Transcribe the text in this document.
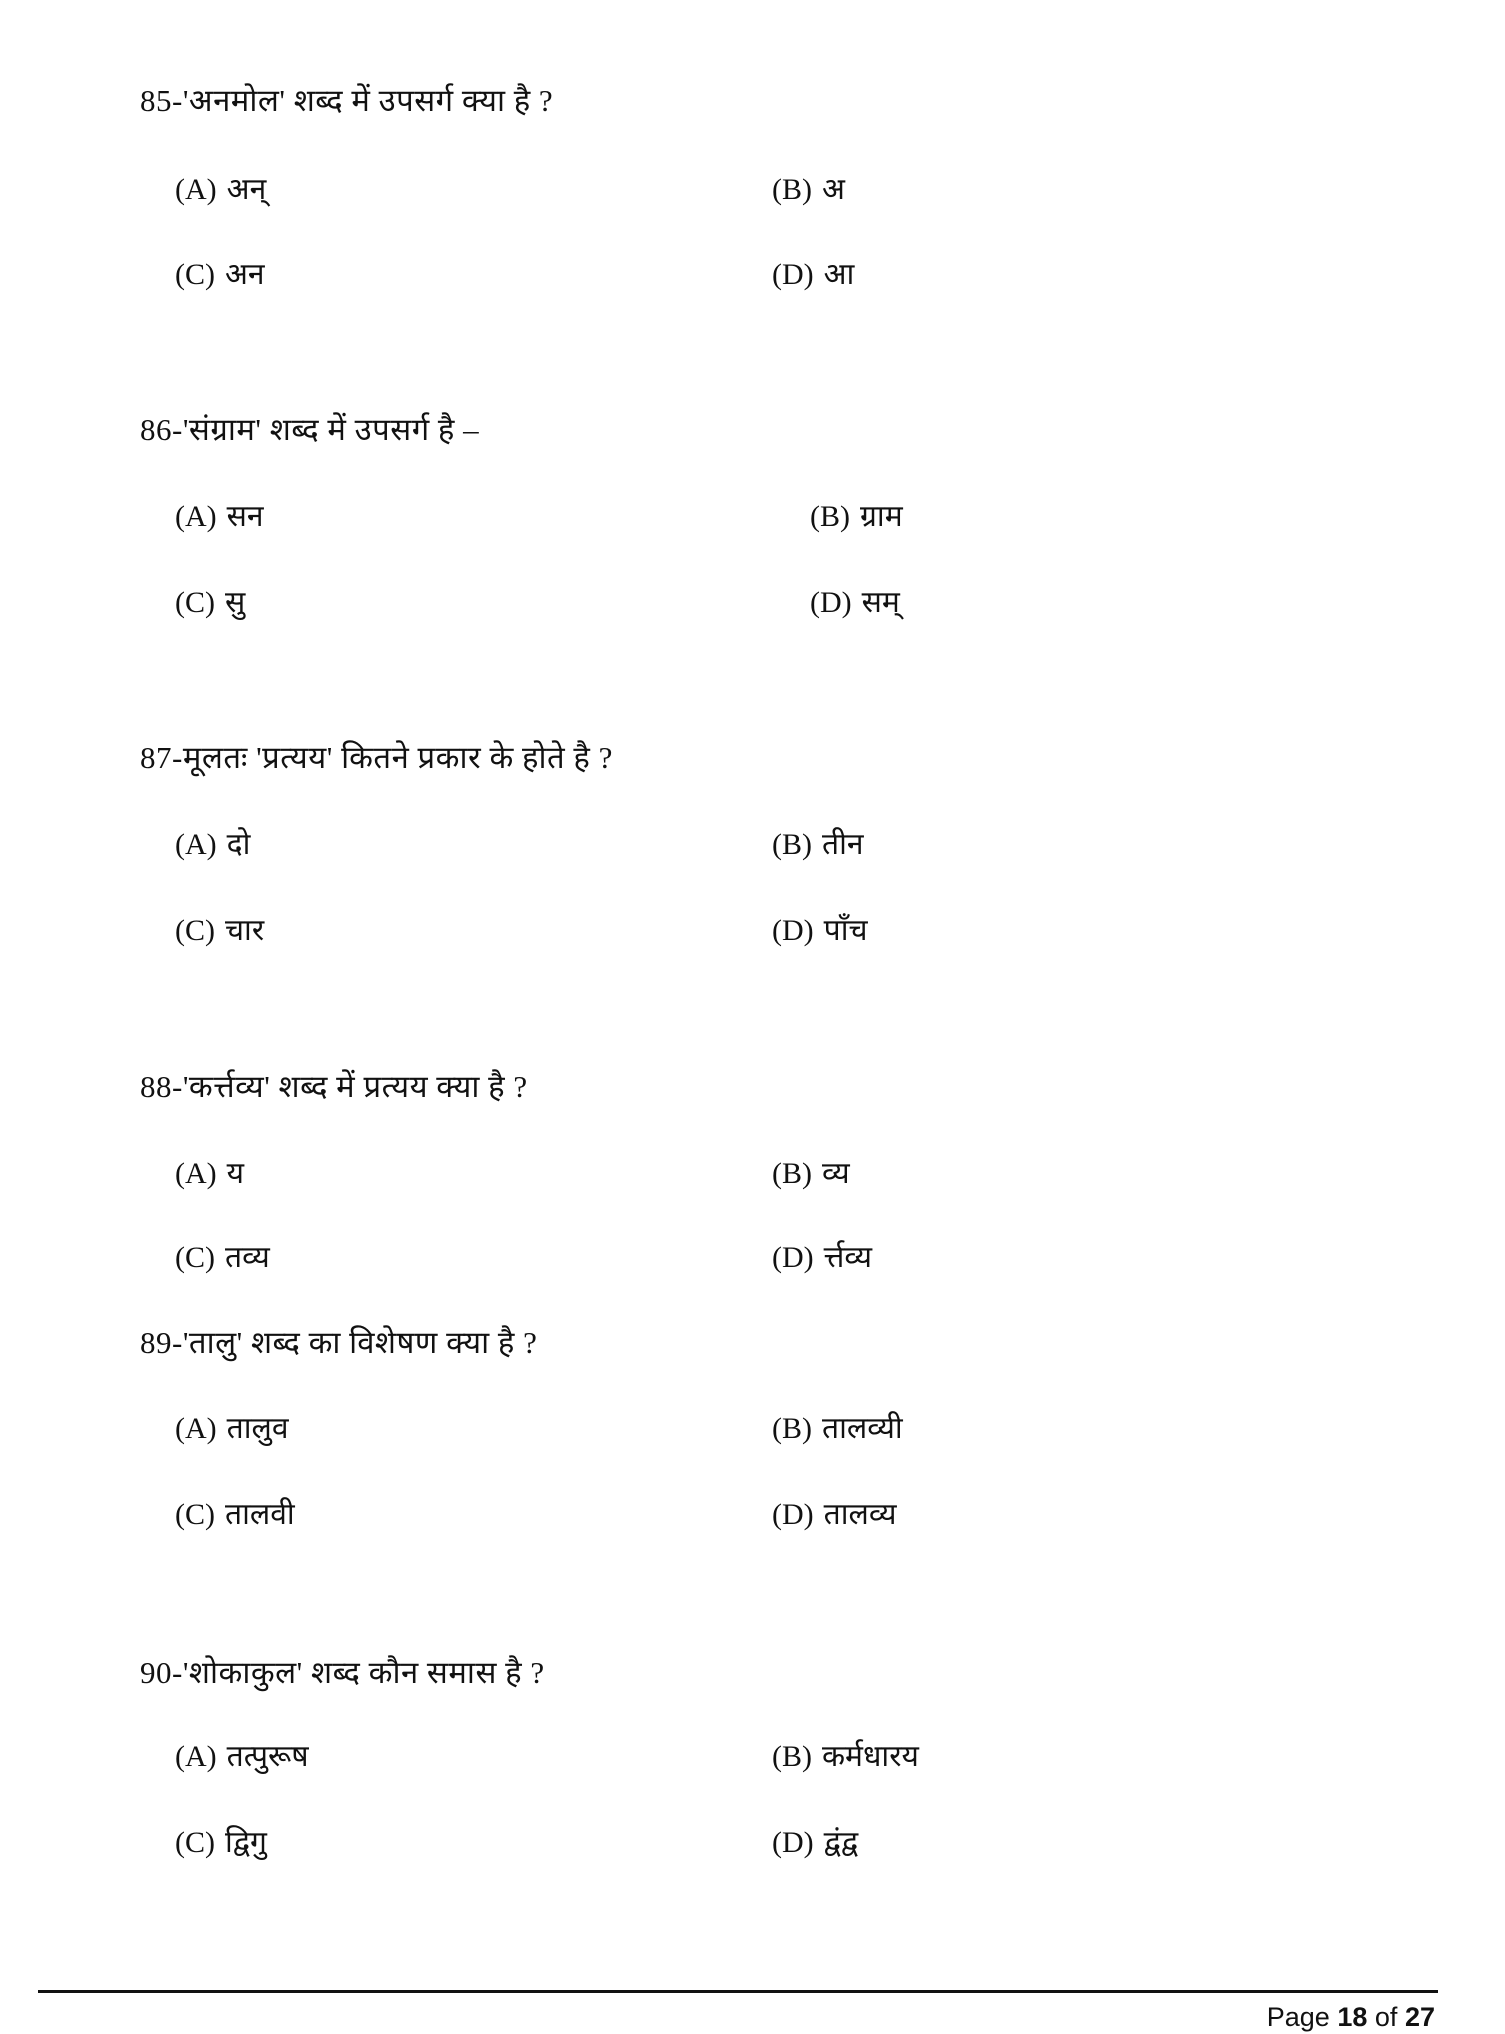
85-'अनमोल' शब्द में उपसर्ग क्या है ?
(A) अन्	(B) अ
(C) अन	(D) आ
86-'संग्राम' शब्द में उपसर्ग है –
(A) सन	(B) ग्राम
(C) सु	(D) सम्
87-मूलतः 'प्रत्यय' कितने प्रकार के होते है ?
(A) दो	(B) तीन
(C) चार	(D) पाँच
88-'कर्त्तव्य' शब्द में प्रत्यय क्या है ?
(A) य	(B) व्य
(C) तव्य	(D) र्त्तव्य
89-'तालु' शब्द का विशेषण क्या है ?
(A) तालुव	(B) तालव्यी
(C) तालवी	(D) तालव्य
90-'शोकाकुल' शब्द कौन समास है ?
(A) तत्पुरूष	(B) कर्मधारय
(C) द्विगु	(D) द्वंद्व
Page 18 of 27
